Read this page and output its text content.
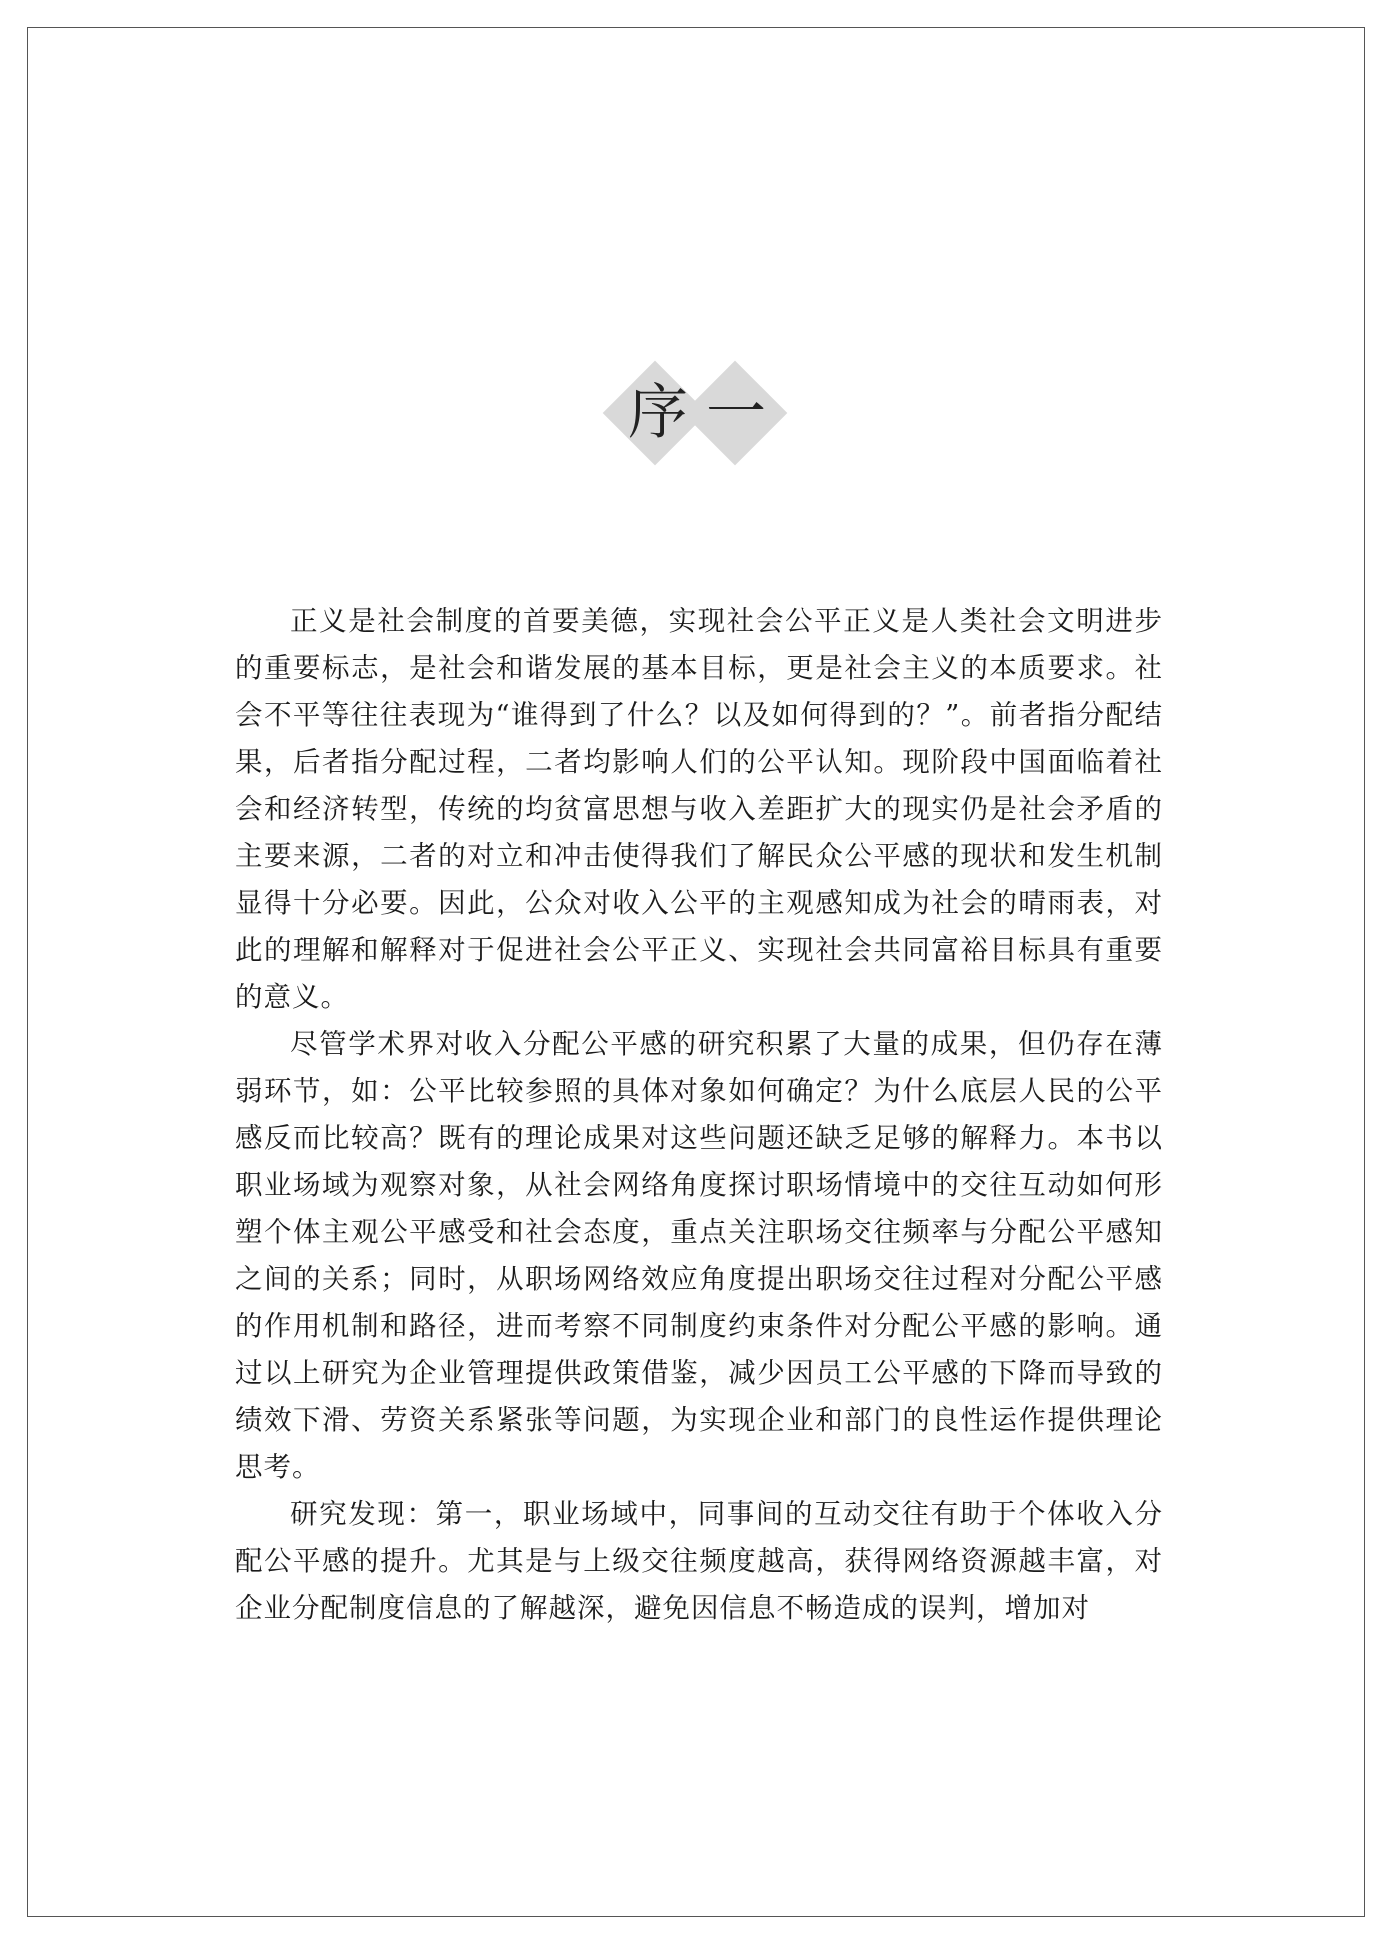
序 一

正义是社会制度的首要美德，实现社会公平正义是人类社会文明进步的重要标志，是社会和谐发展的基本目标，更是社会主义的本质要求。社会不平等往往表现为“谁得到了什么？以及如何得到的？”。前者指分配结果，后者指分配过程，二者均影响人们的公平认知。现阶段中国面临着社会和经济转型，传统的均贫富思想与收入差距扩大的现实仍是社会矛盾的主要来源，二者的对立和冲击使得我们了解民众公平感的现状和发生机制显得十分必要。因此，公众对收入公平的主观感知成为社会的晴雨表，对此的理解和解释对于促进社会公平正义、实现社会共同富裕目标具有重要的意义。

尽管学术界对收入分配公平感的研究积累了大量的成果，但仍存在薄弱环节，如：公平比较参照的具体对象如何确定？为什么底层人民的公平感反而比较高？既有的理论成果对这些问题还缺乏足够的解释力。本书以职业场域为观察对象，从社会网络角度探讨职场情境中的交往互动如何形塑个体主观公平感受和社会态度，重点关注职场交往频率与分配公平感知之间的关系；同时，从职场网络效应角度提出职场交往过程对分配公平感的作用机制和路径，进而考察不同制度约束条件对分配公平感的影响。通过以上研究为企业管理提供政策借鉴，减少因员工公平感的下降而导致的绩效下滑、劳资关系紧张等问题，为实现企业和部门的良性运作提供理论思考。

研究发现：第一，职业场域中，同事间的互动交往有助于个体收入分配公平感的提升。尤其是与上级交往频度越高，获得网络资源越丰富，对企业分配制度信息的了解越深，避免因信息不畅造成的误判，增加对
